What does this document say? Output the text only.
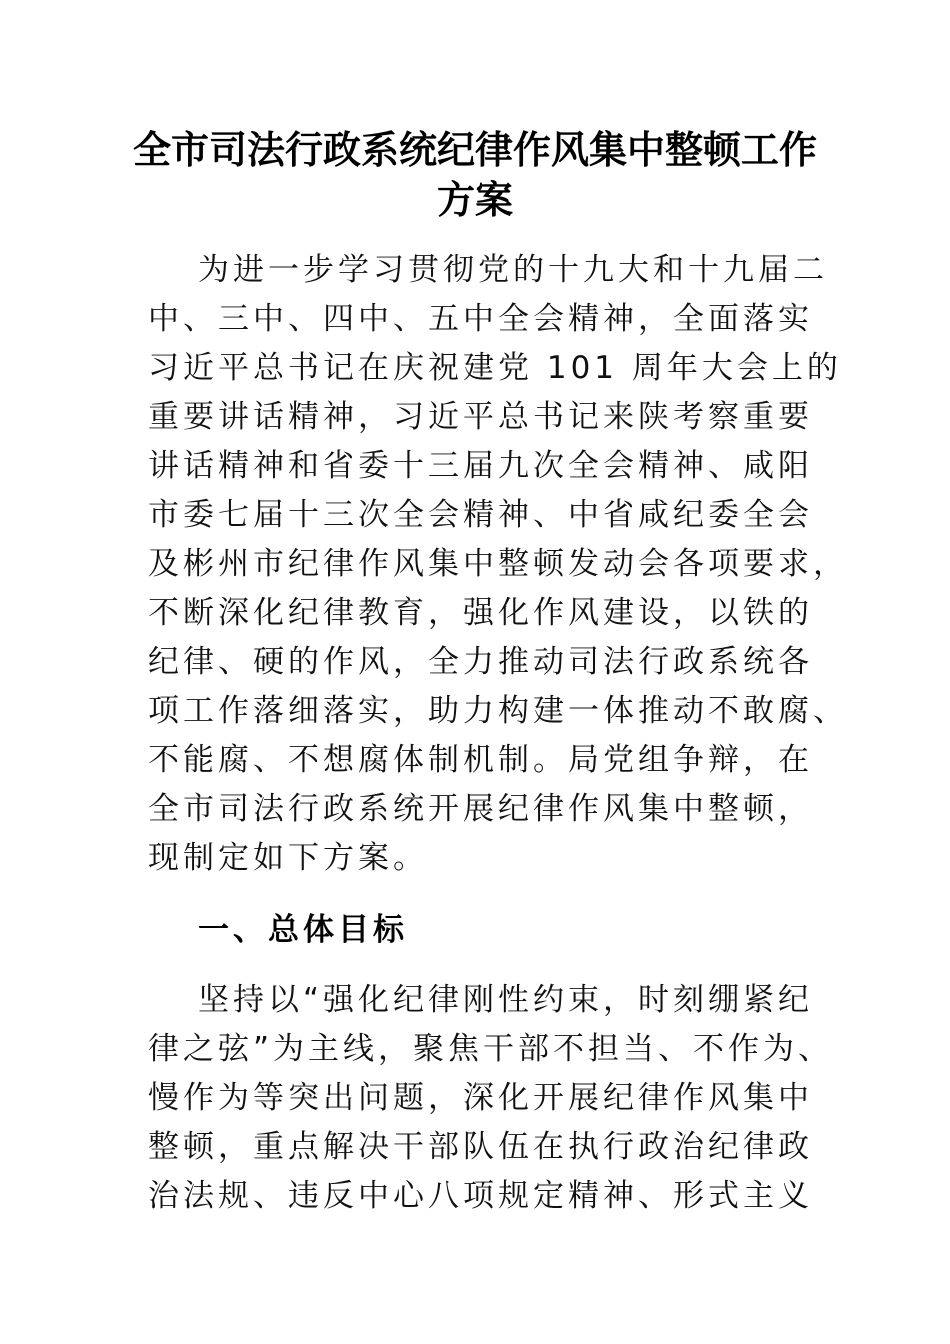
全市司法行政系统纪律作风集中整顿工作
方案
为进一步学习贯彻党的十九大和十九届二
中、三中、四中、五中全会精神，全面落实
习近平总书记在庆祝建党 101 周年大会上的
重要讲话精神，习近平总书记来陕考察重要
讲话精神和省委十三届九次全会精神、咸阳
市委七届十三次全会精神、中省咸纪委全会
及彬州市纪律作风集中整顿发动会各项要求，
不断深化纪律教育，强化作风建设，以铁的
纪律、硬的作风，全力推动司法行政系统各
项工作落细落实，助力构建一体推动不敢腐、
不能腐、不想腐体制机制。局党组争辩，在
全市司法行政系统开展纪律作风集中整顿，
现制定如下方案。
一、总体目标
坚持以“强化纪律刚性约束，时刻绷紧纪
律之弦”为主线，聚焦干部不担当、不作为、
慢作为等突出问题，深化开展纪律作风集中
整顿，重点解决干部队伍在执行政治纪律政
治法规、违反中心八项规定精神、形式主义
